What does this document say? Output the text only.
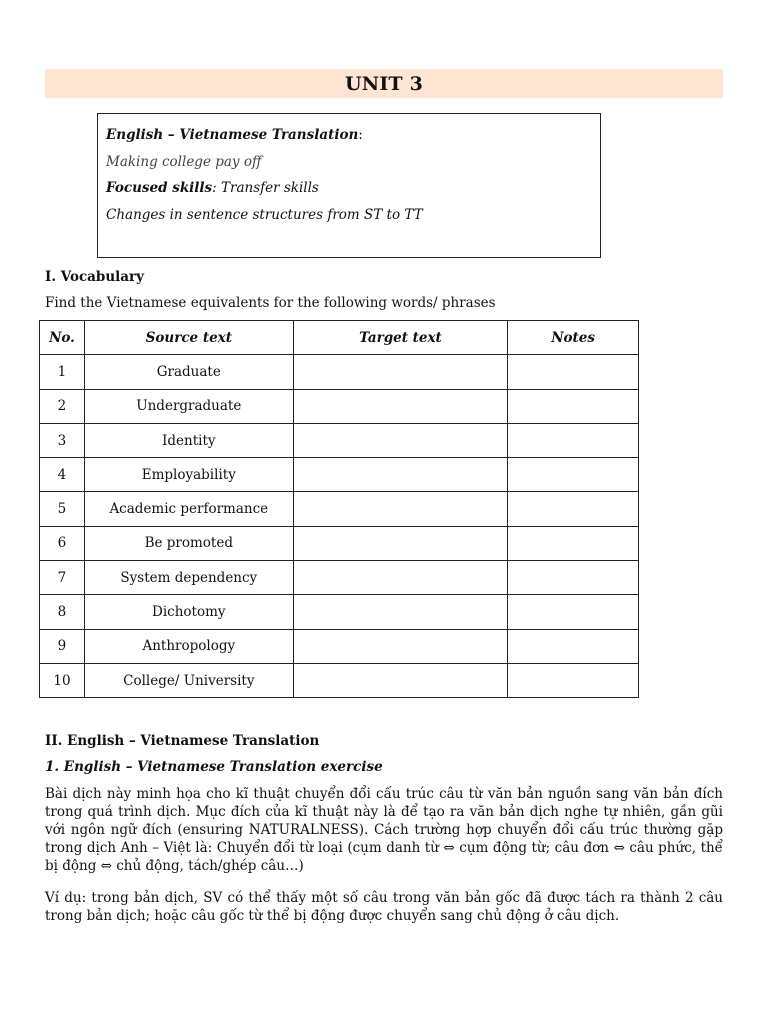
UNIT 3
English – Vietnamese Translation:
Making college pay off
Focused skills: Transfer skills
Changes in sentence structures from ST to TT
I. Vocabulary
Find the Vietnamese equivalents for the following words/ phrases
No.	Source text	Target text	Notes
1	Graduate		
2	Undergraduate		
3	Identity		
4	Employability		
5	Academic performance		
6	Be promoted		
7	System dependency		
8	Dichotomy		
9	Anthropology		
10	College/ University		
II. English – Vietnamese Translation
1. English – Vietnamese Translation exercise
Bài dịch này minh họa cho kĩ thuật chuyển đổi cấu trúc câu từ văn bản nguồn sang văn bản đích trong quá trình dịch. Mục đích của kĩ thuật này là để tạo ra văn bản dịch nghe tự nhiên, gần gũi với ngôn ngữ đích (ensuring NATURALNESS). Cách trường hợp chuyển đổi cấu trúc thường gặp trong dịch Anh – Việt là: Chuyển đổi từ loại (cụm danh từ ⇔ cụm động từ; câu đơn ⇔ câu phức, thể bị động ⇔ chủ động, tách/ghép câu…)
Ví dụ: trong bản dịch, SV có thể thấy một số câu trong văn bản gốc đã được tách ra thành 2 câu trong bản dịch; hoặc câu gốc từ thể bị động được chuyển sang chủ động ở câu dịch.
